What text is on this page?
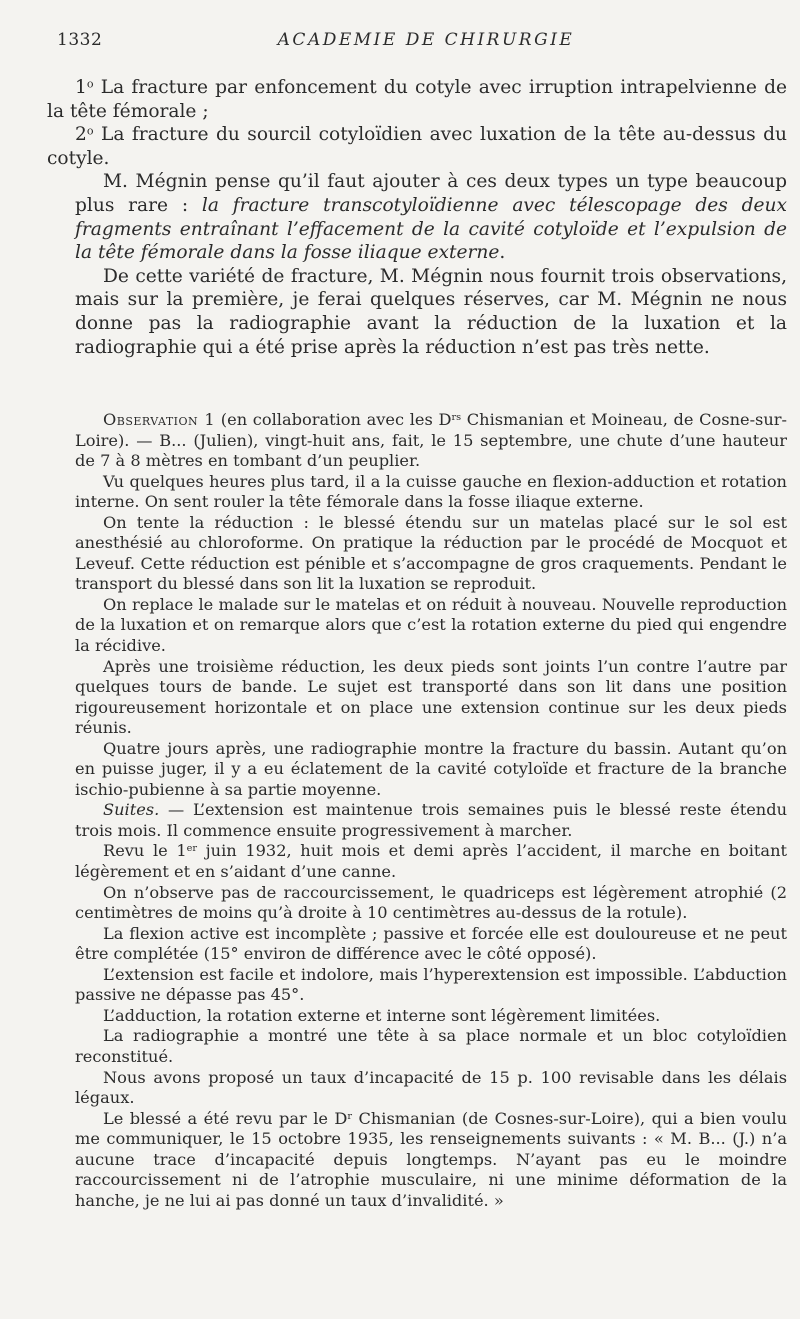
1332	ACADEMIE DE CHIRURGIE

1$^o$ La fracture par enfoncement du cotyle avec irruption intrapelvienne de la tête fémorale ;

2$^o$ La fracture du sourcil cotyloïdien avec luxation de la tête au-dessus du cotyle.

M. Mégnin pense qu’il faut ajouter à ces deux types un type beaucoup plus rare : la fracture transcotyloïdienne avec télescopage des deux fragments entraînant l’effacement de la cavité cotyloïde et l’expulsion de la tête fémorale dans la fosse iliaque externe.

De cette variété de fracture, M. Mégnin nous fournit trois observations, mais sur la première, je ferai quelques réserves, car M. Mégnin ne nous donne pas la radiographie avant la réduction de la luxation et la radiographie qui a été prise après la réduction n’est pas très nette.

Observation 1 (en collaboration avec les $D^{rs}$ Chismanian et Moineau, de Cosne-sur-Loire). — B... (Julien), vingt-huit ans, fait, le 15 septembre, une chute d’une hauteur de 7 à 8 mètres en tombant d’un peuplier.

Vu quelques heures plus tard, il a la cuisse gauche en flexion-adduction et rotation interne. On sent rouler la tête fémorale dans la fosse iliaque externe.

On tente la réduction : le blessé étendu sur un matelas placé sur le sol est anesthésié au chloroforme. On pratique la réduction par le procédé de Mocquot et Leveuf. Cette réduction est pénible et s’accompagne de gros craquements. Pendant le transport du blessé dans son lit la luxation se reproduit.

On replace le malade sur le matelas et on réduit à nouveau. Nouvelle reproduction de la luxation et on remarque alors que c’est la rotation externe du pied qui engendre la récidive.

Après une troisième réduction, les deux pieds sont joints l’un contre l’autre par quelques tours de bande. Le sujet est transporté dans son lit dans une position rigoureusement horizontale et on place une extension continue sur les deux pieds réunis.

Quatre jours après, une radiographie montre la fracture du bassin. Autant qu’on en puisse juger, il y a eu éclatement de la cavité cotyloïde et fracture de la branche ischio-pubienne à sa partie moyenne.

Suites. — L’extension est maintenue trois semaines puis le blessé reste étendu trois mois. Il commence ensuite progressivement à marcher.

Revu le 1er juin 1932, huit mois et demi après l’accident, il marche en boitant légèrement et en s’aidant d’une canne.

On n’observe pas de raccourcissement, le quadriceps est légèrement atrophié (2 centimètres de moins qu’à droite à 10 centimètres au-dessus de la rotule).

La flexion active est incomplète ; passive et forcée elle est douloureuse et ne peut être complétée (15° environ de différence avec le côté opposé).

L’extension est facile et indolore, mais l’hyperextension est impossible. L’abduction passive ne dépasse pas 45°.

L’adduction, la rotation externe et interne sont légèrement limitées.

La radiographie a montré une tête à sa place normale et un bloc cotyloïdien reconstitué.

Nous avons proposé un taux d’incapacité de 15 p. 100 revisable dans les délais légaux.

Le blessé a été revu par le $D^r$ Chismanian (de Cosnes-sur-Loire), qui a bien voulu me communiquer, le 15 octobre 1935, les renseignements suivants : « M. B... (J.) n’a aucune trace d’incapacité depuis longtemps. N’ayant pas eu le moindre raccourcissement ni de l’atrophie musculaire, ni une minime déformation de la hanche, je ne lui ai pas donné un taux d’invalidité. »
